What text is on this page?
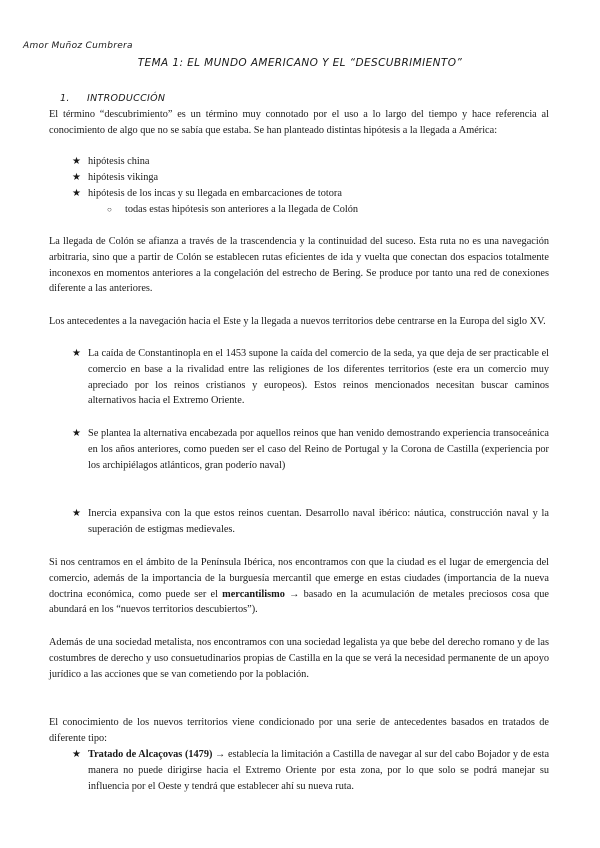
Amor Muñoz Cumbrera
TEMA 1: EL MUNDO AMERICANO Y EL “DESCUBRIMIENTO”
1. INTRODUCCIÓN

El término “descubrimiento” es un término muy connotado por el uso a lo largo del tiempo y hace referencia al conocimiento de algo que no se sabía que estaba. Se han planteado distintas hipótesis a la llegada a América:

★ hipótesis china

★ hipótesis vikinga

★ hipótesis de los incas y su llegada en embarcaciones de totora

○ todas estas hipótesis son anteriores a la llegada de Colón

La llegada de Colón se afianza a través de la trascendencia y la continuidad del suceso. Esta ruta no es una navegación arbitraria, sino que a partir de Colón se establecen rutas eficientes de ida y vuelta que conectan dos espacios totalmente inconexos en momentos anteriores a la congelación del estrecho de Bering. Se produce por tanto una red de conexiones diferente a las anteriores.

Los antecedentes a la navegación hacia el Este y la llegada a nuevos territorios debe centrarse en la Europa del siglo XV.

★ La caída de Constantinopla en el 1453 supone la caída del comercio de la seda, ya que deja de ser practicable el comercio en base a la rivalidad entre las religiones de los diferentes territorios (este era un comercio muy apreciado por los reinos cristianos y europeos). Estos reinos mencionados necesitan buscar caminos alternativos hacia el Extremo Oriente.

★ Se plantea la alternativa encabezada por aquellos reinos que han venido demostrando experiencia transoceánica en los años anteriores, como pueden ser el caso del Reino de Portugal y la Corona de Castilla (experiencia por los archipiélagos atlánticos, gran poderío naval)

★ Inercia expansiva con la que estos reinos cuentan. Desarrollo naval ibérico: náutica, construcción naval y la superación de estigmas medievales.

Si nos centramos en el ámbito de la Península Ibérica, nos encontramos con que la ciudad es el lugar de emergencia del comercio, además de la importancia de la burguesía mercantil que emerge en estas ciudades (importancia de la nueva doctrina económica, como puede ser el mercantilismo → basado en la acumulación de metales preciosos cosa que abundará en los “nuevos territorios descubiertos”).

Además de una sociedad metalista, nos encontramos con una sociedad legalista ya que bebe del derecho romano y de las costumbres de derecho y uso consuetudinarios propias de Castilla en la que se verá la necesidad permanente de un apoyo jurídico a las acciones que se van cometiendo por la población.

El conocimiento de los nuevos territorios viene condicionado por una serie de antecedentes basados en tratados de diferente tipo:

★ Tratado de Alcaçovas (1479) → establecía la limitación a Castilla de navegar al sur del cabo Bojador y de esta manera no puede dirigirse hacia el Extremo Oriente por esta zona, por lo que solo se podrá manejar su influencia por el Oeste y tendrá que establecer ahí su nueva ruta.
